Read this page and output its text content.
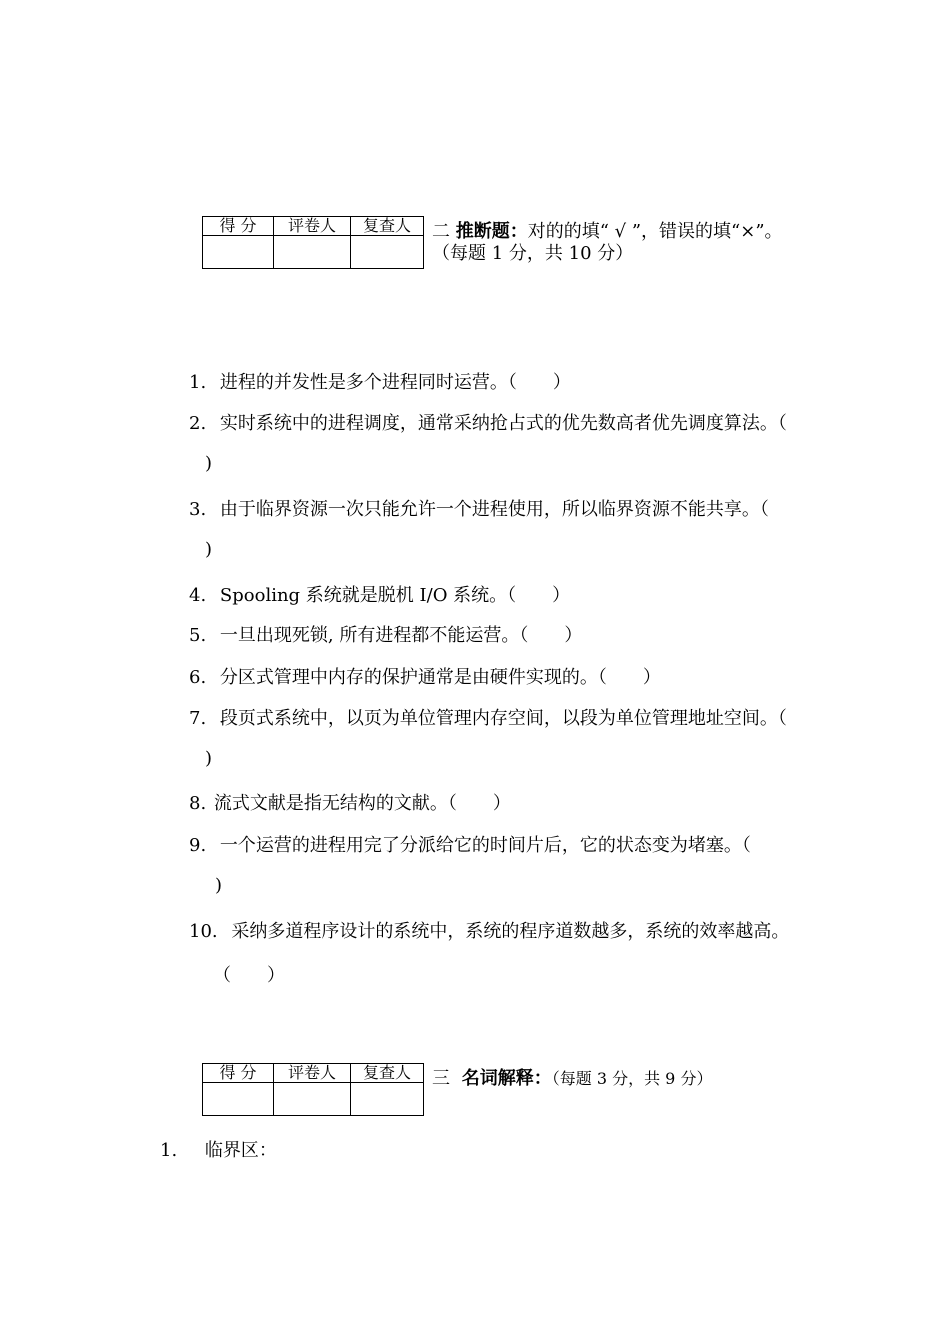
得 分	评卷人	复查人
		二 推断题：对的的填“ √ ”，错误的填“×”。
（每题 1 分，共 10 分）
1. 进程的并发性是多个进程同时运营。（　　）
2. 实时系统中的进程调度，通常采纳抢占式的优先数高者优先调度算法。（
)
3. 由于临界资源一次只能允许一个进程使用，所以临界资源不能共享。（
)
4. Spooling 系统就是脱机 I/O 系统。（　　）
5. 一旦出现死锁, 所有进程都不能运营。（　　）
6. 分区式管理中内存的保护通常是由硬件实现的。（　　）
7. 段页式系统中，以页为单位管理内存空间，以段为单位管理地址空间。（
)
8. 流式文献是指无结构的文献。（　　）
9. 一个运营的进程用完了分派给它的时间片后，它的状态变为堵塞。（
)
10. 采纳多道程序设计的系统中，系统的程序道数越多，系统的效率越高。
（　　）
得 分	评卷人	复查人
		三 名词解释：（每题 3 分，共 9 分）
1. 临界区：
